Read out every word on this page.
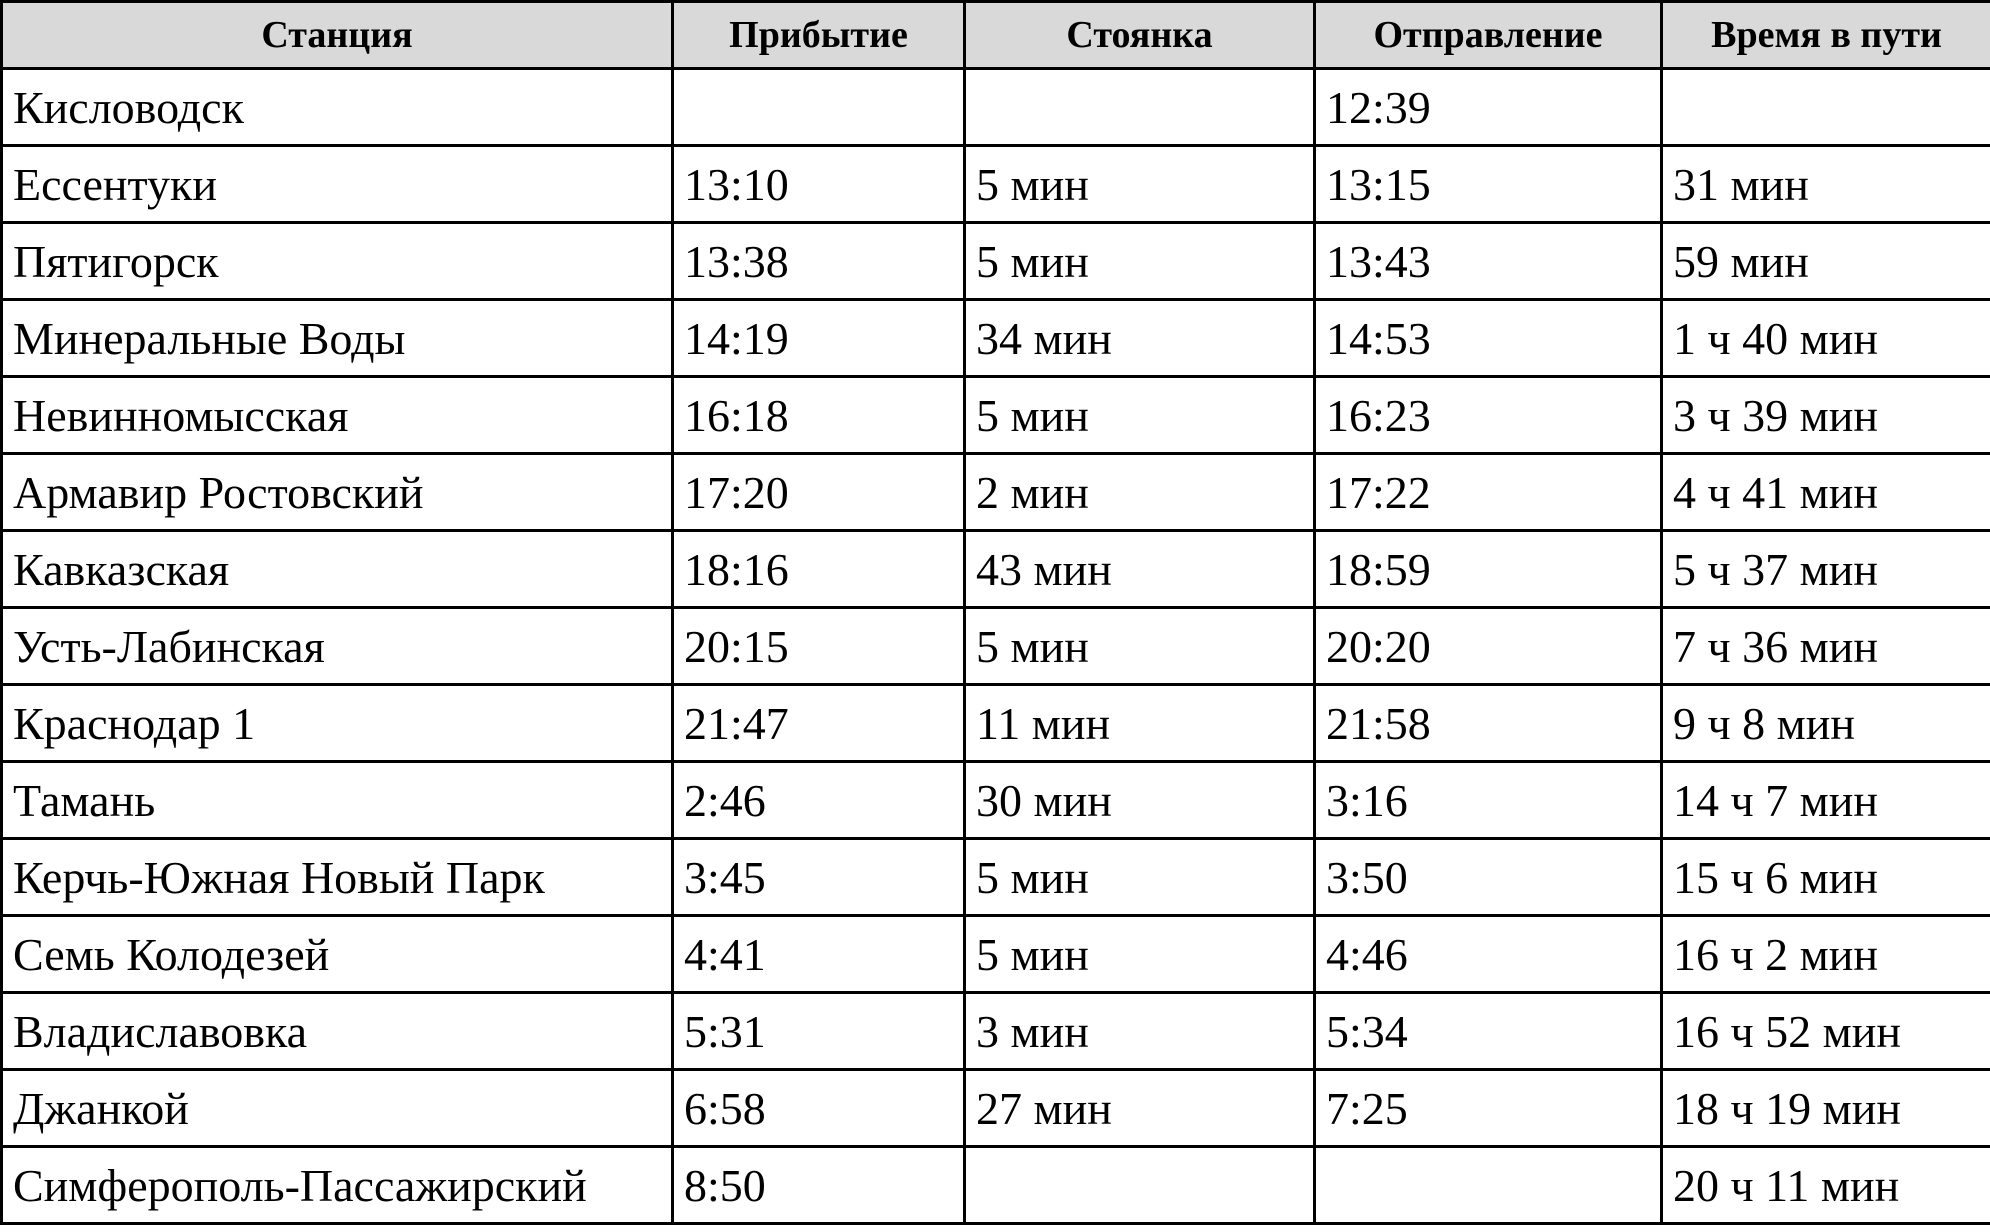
Станция	Прибытие	Стоянка	Отправление	Время в пути
Кисловодск			12:39	
Ессентуки	13:10	5 мин	13:15	31 мин
Пятигорск	13:38	5 мин	13:43	59 мин
Минеральные Воды	14:19	34 мин	14:53	1 ч 40 мин
Невинномысская	16:18	5 мин	16:23	3 ч 39 мин
Армавир Ростовский	17:20	2 мин	17:22	4 ч 41 мин
Кавказская	18:16	43 мин	18:59	5 ч 37 мин
Усть-Лабинская	20:15	5 мин	20:20	7 ч 36 мин
Краснодар 1	21:47	11 мин	21:58	9 ч 8 мин
Тамань	2:46	30 мин	3:16	14 ч 7 мин
Керчь-Южная Новый Парк	3:45	5 мин	3:50	15 ч 6 мин
Семь Колодезей	4:41	5 мин	4:46	16 ч 2 мин
Владиславовка	5:31	3 мин	5:34	16 ч 52 мин
Джанкой	6:58	27 мин	7:25	18 ч 19 мин
Симферополь-Пассажирский	8:50			20 ч 11 мин
